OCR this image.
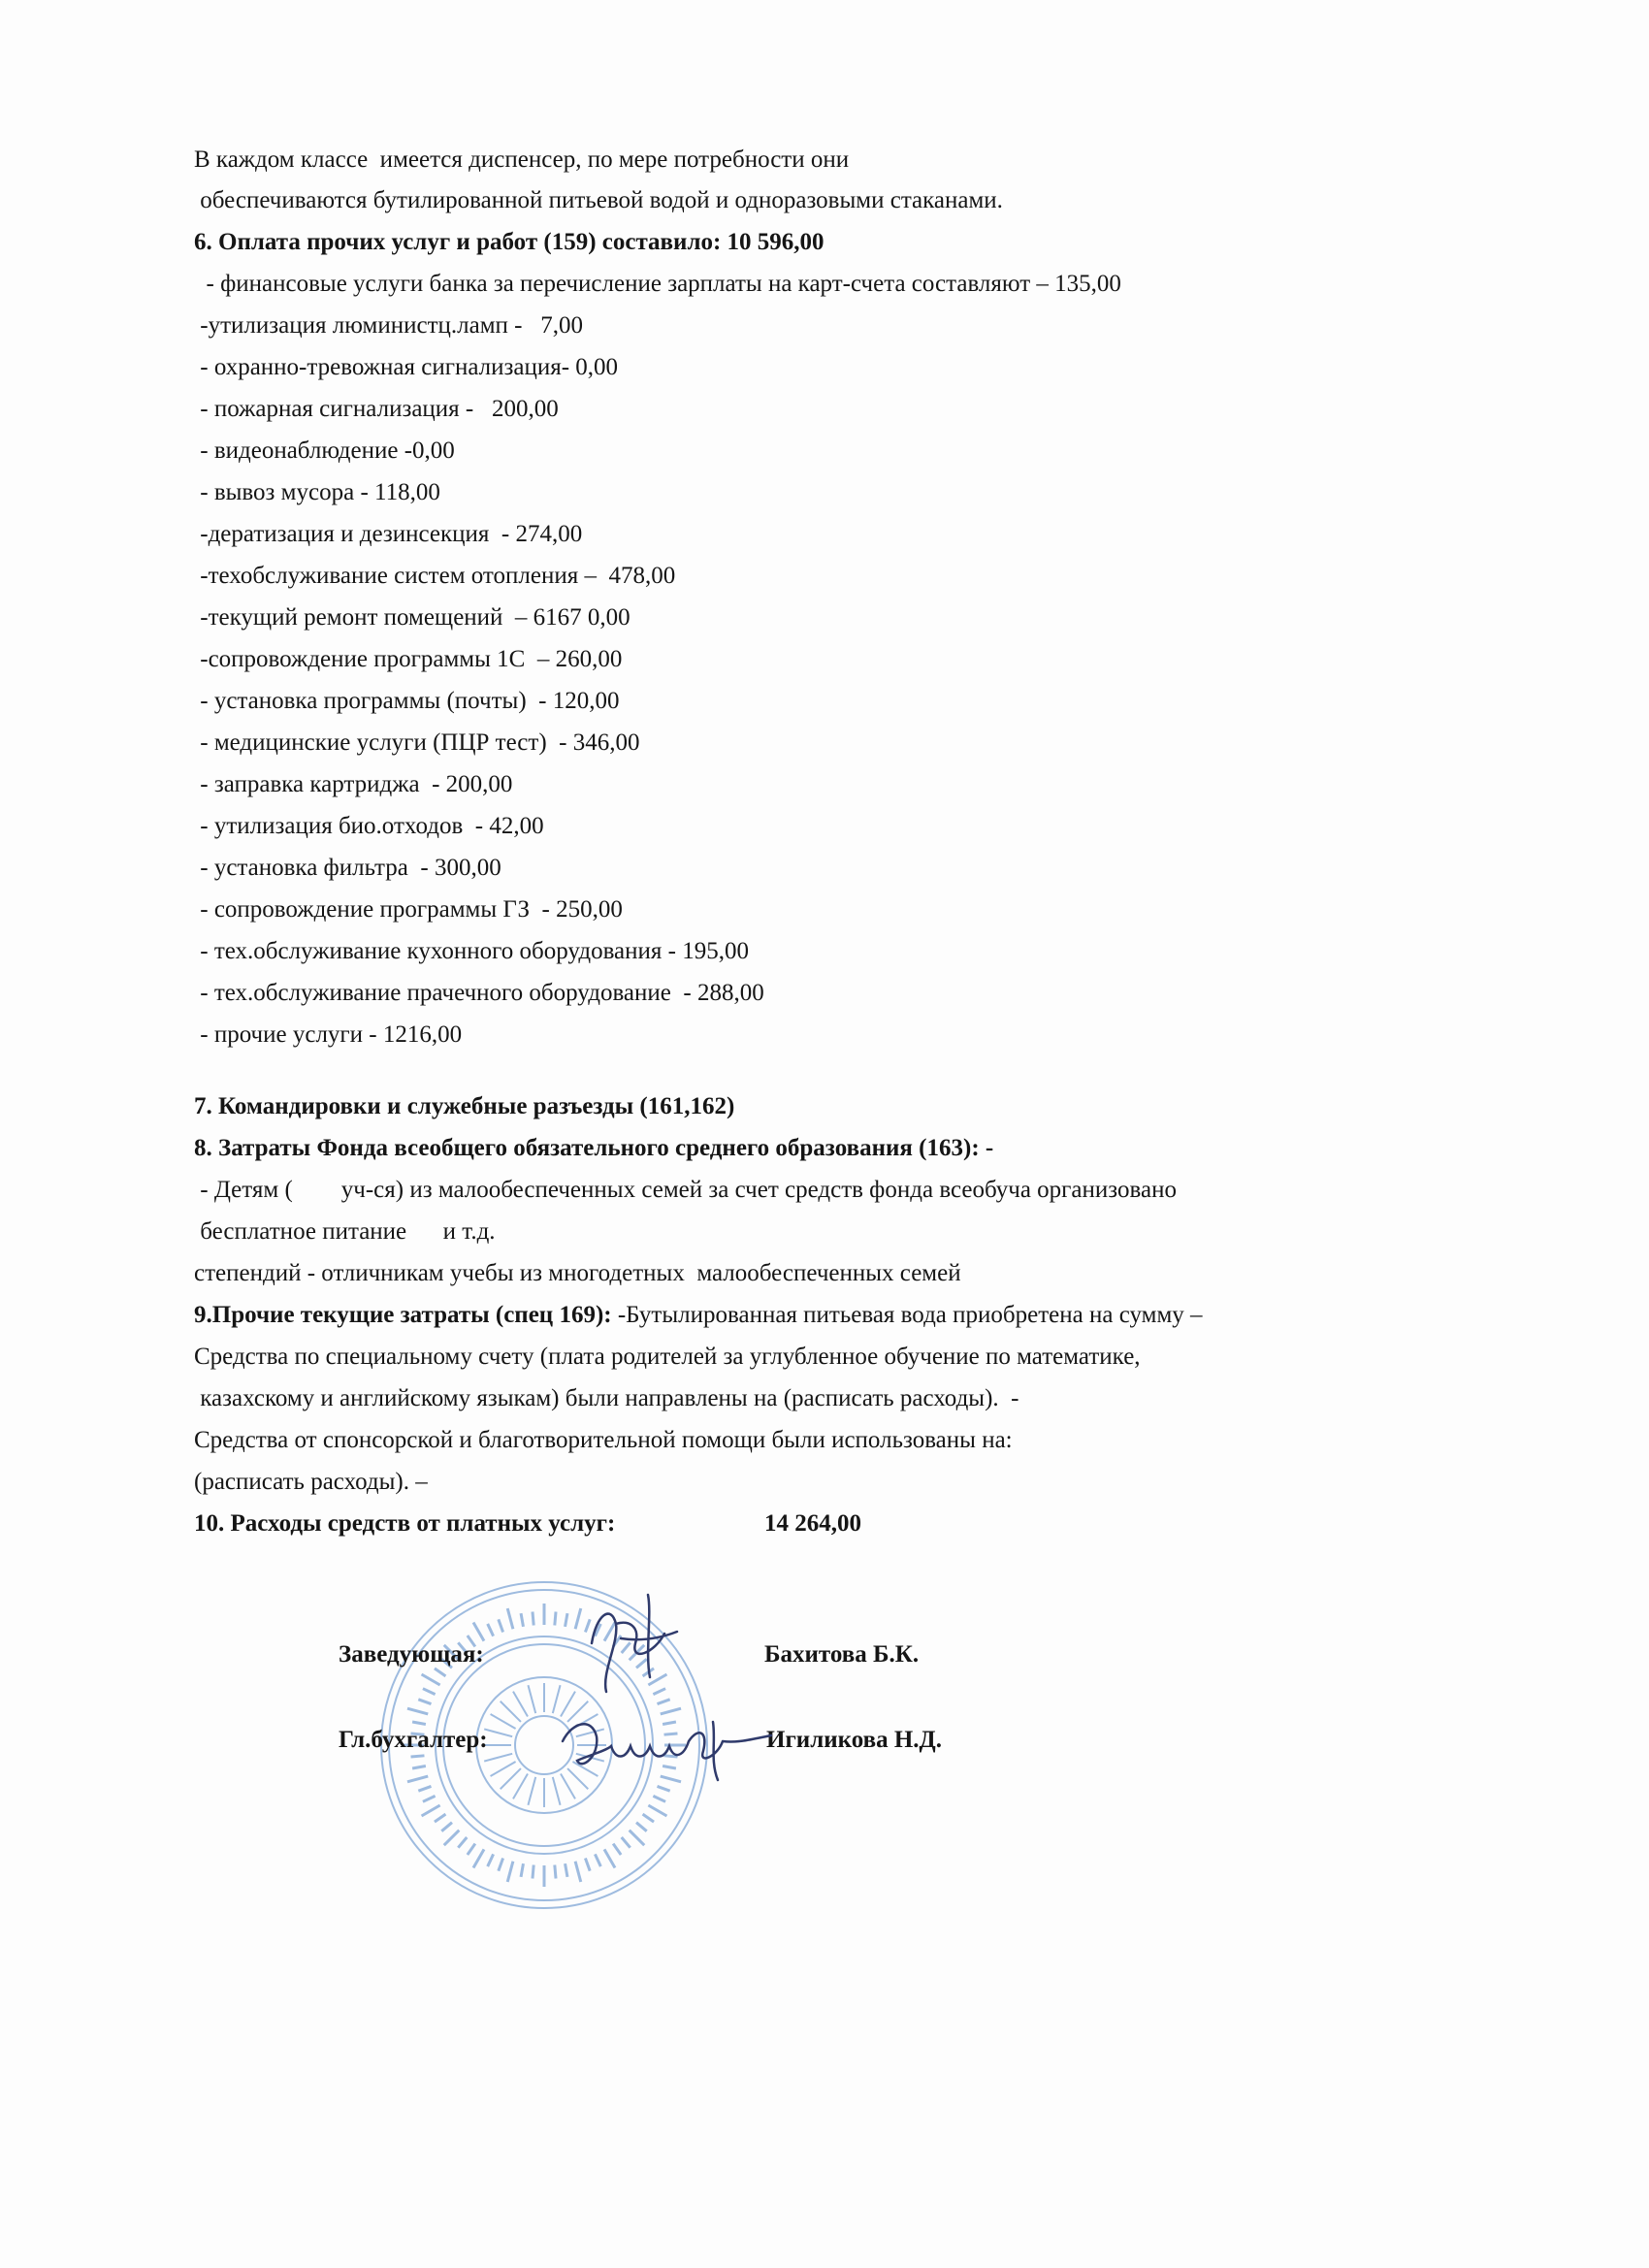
В каждом классе  имеется диспенсер, по мере потребности они
обеспечиваются бутилированной питьевой водой и одноразовыми стаканами.
6. Оплата прочих услуг и работ (159) составило: 10 596,00
- финансовые услуги банка за перечисление зарплаты на карт-счета составляют – 135,00
-утилизация люминистц.ламп -   7,00
- охранно-тревожная сигнализация- 0,00
- пожарная сигнализация -   200,00
- видеонаблюдение -0,00
- вывоз мусора - 118,00
-дератизация и дезинсекция  - 274,00
-техобслуживание систем отопления –  478,00
-текущий ремонт помещений  – 6167 0,00
-сопровождение программы 1С  – 260,00
- установка программы (почты)  - 120,00
- медицинские услуги (ПЦР тест)  - 346,00
- заправка картриджа  - 200,00
- утилизация био.отходов  - 42,00
- установка фильтра  - 300,00
- сопровождение программы ГЗ  - 250,00
- тех.обслуживание кухонного оборудования - 195,00
- тех.обслуживание прачечного оборудование  - 288,00
- прочие услуги - 1216,00
7. Командировки и служебные разъезды (161,162)
8. Затраты Фонда всеобщего обязательного среднего образования (163): -
- Детям (        уч-ся) из малообеспеченных семей за счет средств фонда всеобуча организовано
бесплатное питание      и т.д.
степендий - отличникам учебы из многодетных  малообеспеченных семей
9.Прочие текущие затраты (спец 169): -Бутылированная питьевая вода приобретена на сумму –
Средства по специальному счету (плата родителей за углубленное обучение по математике,
казахскому и английскому языкам) были направлены на (расписать расходы).  -
Средства от спонсорской и благотворительной помощи были использованы на:
(расписать расходы). –
10. Расходы средств от платных услуг:	14 264,00
Заведующая:	Бахитова Б.К.
Гл.бухгалтер:	Игиликова Н.Д.
